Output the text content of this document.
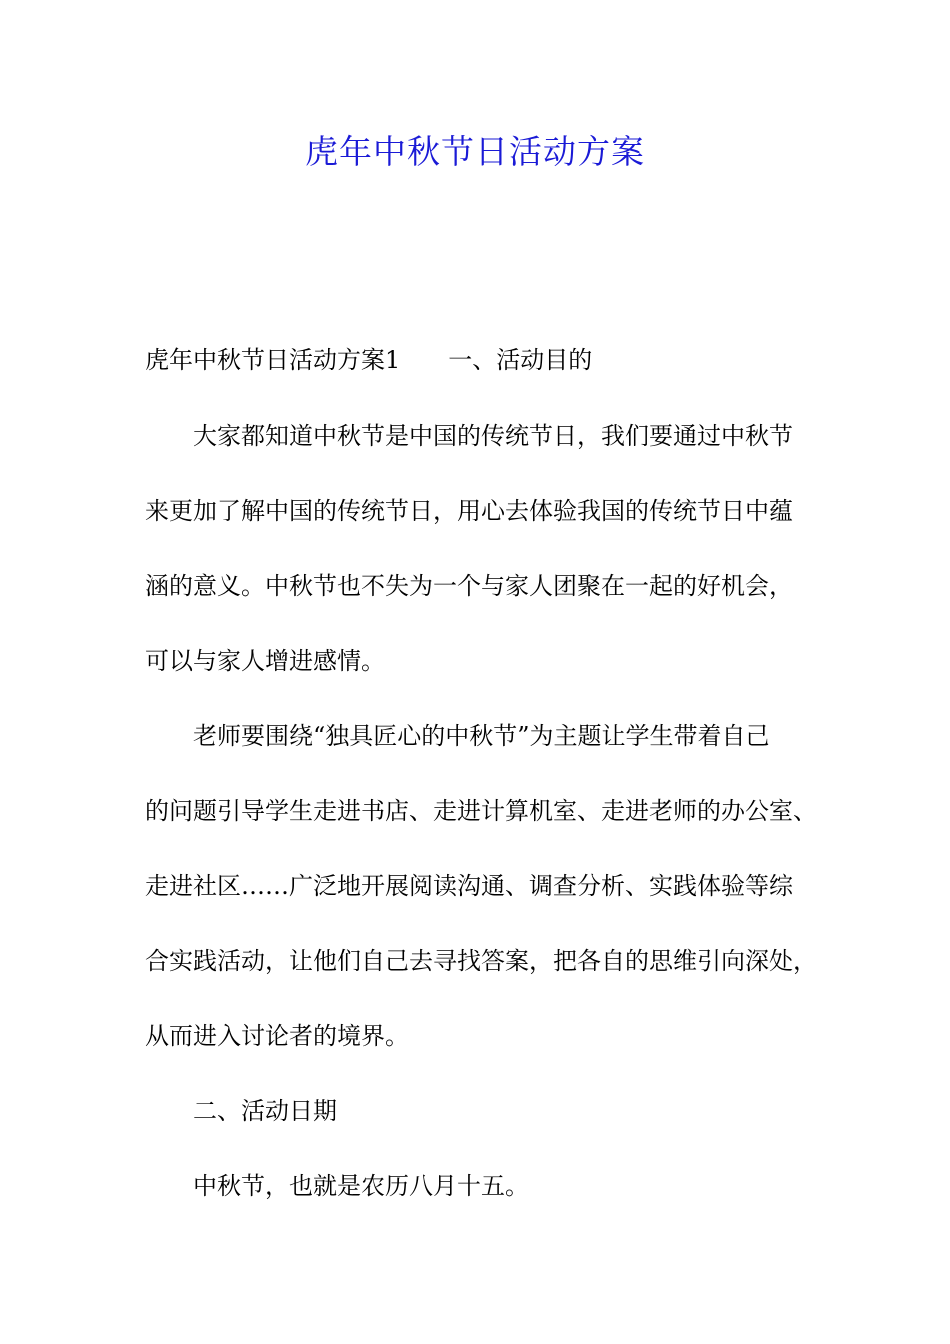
虎年中秋节日活动方案
虎年中秋节日活动方案1 一、活动目的
大家都知道中秋节是中国的传统节日，我们要通过中秋节
来更加了解中国的传统节日，用心去体验我国的传统节日中蕴
涵的意义。中秋节也不失为一个与家人团聚在一起的好机会，
可以与家人增进感情。
老师要围绕“独具匠心的中秋节”为主题让学生带着自己
的问题引导学生走进书店、走进计算机室、走进老师的办公室、
走进社区……广泛地开展阅读沟通、调查分析、实践体验等综
合实践活动，让他们自己去寻找答案，把各自的思维引向深处，
从而进入讨论者的境界。
二、活动日期
中秋节，也就是农历八月十五。
